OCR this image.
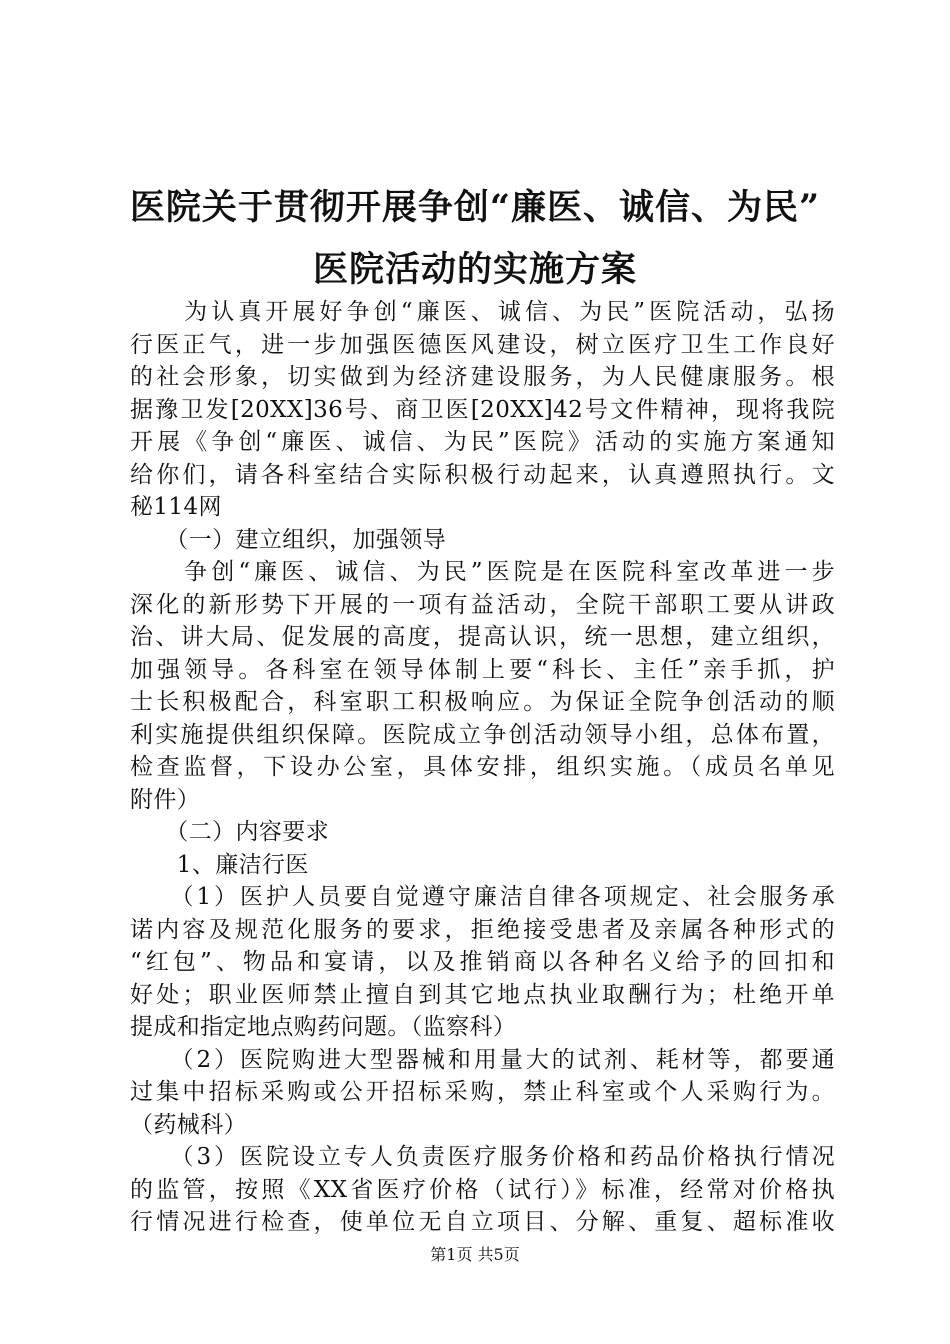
医院关于贯彻开展争创“廉医、诚信、为民”
医院活动的实施方案
　　为认真开展好争创“廉医、诚信、为民”医院活动，弘扬
行医正气，进一步加强医德医风建设，树立医疗卫生工作良好
的社会形象，切实做到为经济建设服务，为人民健康服务。根
据豫卫发[20XX]36号、商卫医[20XX]42号文件精神，现将我院
开展《争创“廉医、诚信、为民”医院》活动的实施方案通知
给你们，请各科室结合实际积极行动起来，认真遵照执行。文
秘114网
　　（一）建立组织，加强领导
　　争创“廉医、诚信、为民”医院是在医院科室改革进一步
深化的新形势下开展的一项有益活动，全院干部职工要从讲政
治、讲大局、促发展的高度，提高认识，统一思想，建立组织，
加强领导。各科室在领导体制上要“科长、主任”亲手抓，护
士长积极配合，科室职工积极响应。为保证全院争创活动的顺
利实施提供组织保障。医院成立争创活动领导小组，总体布置，
检查监督，下设办公室，具体安排，组织实施。（成员名单见
附件）
　　（二）内容要求
　　1、廉洁行医
　　（1）医护人员要自觉遵守廉洁自律各项规定、社会服务承
诺内容及规范化服务的要求，拒绝接受患者及亲属各种形式的
“红包”、物品和宴请，以及推销商以各种名义给予的回扣和
好处；职业医师禁止擅自到其它地点执业取酬行为；杜绝开单
提成和指定地点购药问题。（监察科）
　　（2）医院购进大型器械和用量大的试剂、耗材等，都要通
过集中招标采购或公开招标采购，禁止科室或个人采购行为。
（药械科）
　　（3）医院设立专人负责医疗服务价格和药品价格执行情况
的监管，按照《XX省医疗价格（试行）》标准，经常对价格执
行情况进行检查，使单位无自立项目、分解、重复、超标准收
第1页 共5页
